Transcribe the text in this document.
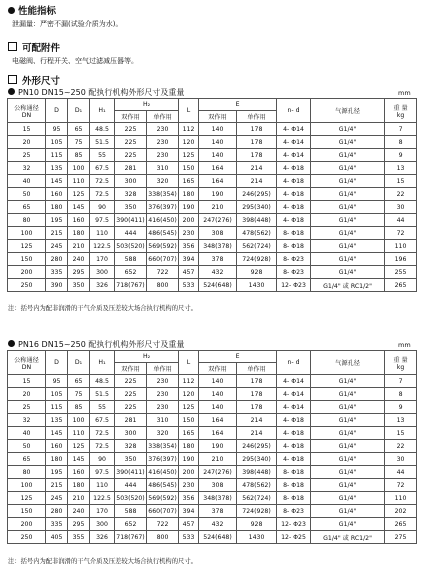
性能指标
泄漏量：严密不漏(试验介质为水)。
可配附件
电磁阀、行程开关、空气过滤减压器等。
外形尺寸
PN10 DN15~250 配执行机构外形尺寸及重量	mm
公称通径
DN	D	D₁	H₁	H₂		L	E		n- d	气源孔径	重 量
kg
				双作用	单作用		双作用	单作用			
15	95	65	48.5	225	230	112	140	178	4- Φ14	G1/4"	7
20	105	75	51.5	225	230	120	140	178	4- Φ14	G1/4"	8
25	115	85	55	225	230	125	140	178	4- Φ14	G1/4"	9
32	135	100	67.5	281	310	150	164	214	4- Φ18	G1/4"	13
40	145	110	72.5	300	320	165	164	214	4- Φ18	G1/4"	15
50	160	125	72.5	328	338(354)	180	190	246(295)	4- Φ18	G1/4"	22
65	180	145	90	350	376(397)	190	210	295(340)	4- Φ18	G1/4"	30
80	195	160	97.5	390(411)	416(450)	200	247(276)	398(448)	4- Φ18	G1/4"	44
100	215	180	110	444	486(545)	230	308	478(562)	8- Φ18	G1/4"	72
125	245	210	122.5	503(520)	569(592)	356	348(378)	562(724)	8- Φ18	G1/4"	110
150	280	240	170	588	660(707)	394	378	724(928)	8- Φ23	G1/4"	196
200	335	295	300	652	722	457	432	928	8- Φ23	G1/4"	255
250	390	350	326	718(767)	800	533	524(648)	1430	12- Φ23	G1/4" 或 RC1/2"	265
注：括号内为配非润滑的干气介质及压差较大场合执行机构的尺寸。
PN16 DN15~250 配执行机构外形尺寸及重量	mm
公称通径
DN	D	D₁	H₁	H₂		L	E		n- d	气源孔径	重 量
kg
				双作用	单作用		双作用	单作用			
15	95	65	48.5	225	230	112	140	178	4- Φ14	G1/4"	7
20	105	75	51.5	225	230	120	140	178	4- Φ14	G1/4"	8
25	115	85	55	225	230	125	140	178	4- Φ14	G1/4"	9
32	135	100	67.5	281	310	150	164	214	4- Φ18	G1/4"	13
40	145	110	72.5	300	320	165	164	214	4- Φ18	G1/4"	15
50	160	125	72.5	328	338(354)	180	190	246(295)	4- Φ18	G1/4"	22
65	180	145	90	350	376(397)	190	210	295(340)	4- Φ18	G1/4"	30
80	195	160	97.5	390(411)	416(450)	200	247(276)	398(448)	8- Φ18	G1/4"	44
100	215	180	110	444	486(545)	230	308	478(562)	8- Φ18	G1/4"	72
125	245	210	122.5	503(520)	569(592)	356	348(378)	562(724)	8- Φ18	G1/4"	110
150	280	240	170	588	660(707)	394	378	724(928)	8- Φ23	G1/4"	202
200	335	295	300	652	722	457	432	928	12- Φ23	G1/4"	265
250	405	355	326	718(767)	800	533	524(648)	1430	12- Φ25	G1/4" 或 RC1/2"	275
注：括号内为配非润滑的干气介质及压差较大场合执行机构的尺寸。
